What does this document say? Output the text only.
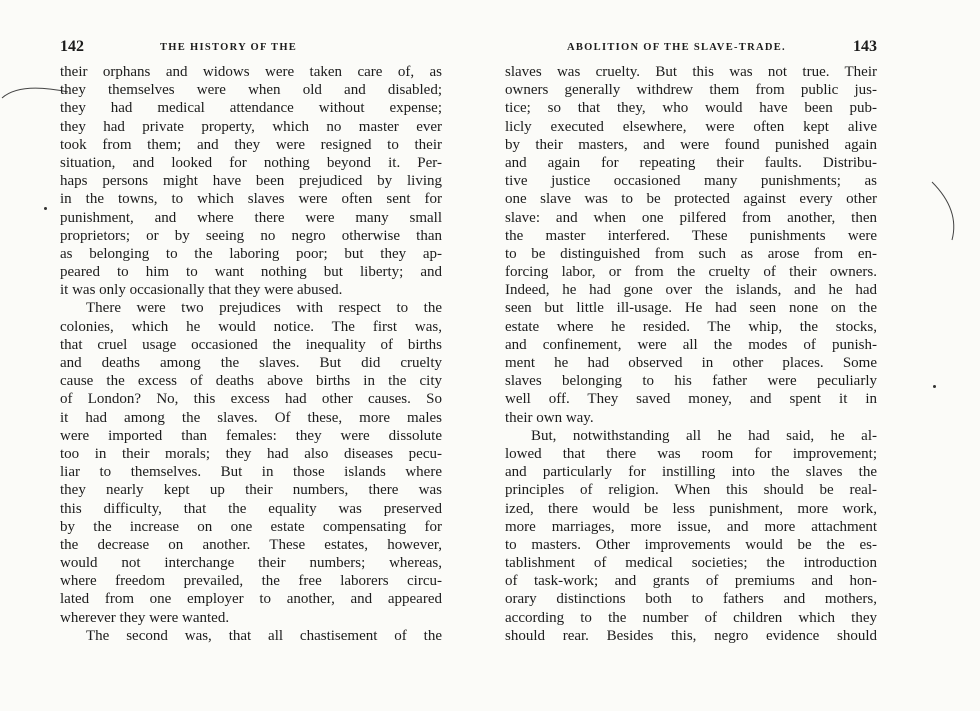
142	THE HISTORY OF THE
their orphans and widows were taken care of, as
they themselves were when old and disabled;
they had medical attendance without expense;
they had private property, which no master ever
took from them; and they were resigned to their
situation, and looked for nothing beyond it. Per-
haps persons might have been prejudiced by living
in the towns, to which slaves were often sent for
punishment, and where there were many small
proprietors; or by seeing no negro otherwise than
as belonging to the laboring poor; but they ap-
peared to him to want nothing but liberty; and
it was only occasionally that they were abused.
There were two prejudices with respect to the
colonies, which he would notice. The first was,
that cruel usage occasioned the inequality of births
and deaths among the slaves. But did cruelty
cause the excess of deaths above births in the city
of London? No, this excess had other causes. So
it had among the slaves. Of these, more males
were imported than females: they were dissolute
too in their morals; they had also diseases pecu-
liar to themselves. But in those islands where
they nearly kept up their numbers, there was
this difficulty, that the equality was preserved
by the increase on one estate compensating for
the decrease on another. These estates, however,
would not interchange their numbers; whereas,
where freedom prevailed, the free laborers circu-
lated from one employer to another, and appeared
wherever they were wanted.
The second was, that all chastisement of the
ABOLITION OF THE SLAVE-TRADE.	143
slaves was cruelty. But this was not true. Their
owners generally withdrew them from public jus-
tice; so that they, who would have been pub-
licly executed elsewhere, were often kept alive
by their masters, and were found punished again
and again for repeating their faults. Distribu-
tive justice occasioned many punishments; as
one slave was to be protected against every other
slave: and when one pilfered from another, then
the master interfered. These punishments were
to be distinguished from such as arose from en-
forcing labor, or from the cruelty of their owners.
Indeed, he had gone over the islands, and he had
seen but little ill-usage. He had seen none on the
estate where he resided. The whip, the stocks,
and confinement, were all the modes of punish-
ment he had observed in other places. Some
slaves belonging to his father were peculiarly
well off. They saved money, and spent it in
their own way.
But, notwithstanding all he had said, he al-
lowed that there was room for improvement;
and particularly for instilling into the slaves the
principles of religion. When this should be real-
ized, there would be less punishment, more work,
more marriages, more issue, and more attachment
to masters. Other improvements would be the es-
tablishment of medical societies; the introduction
of task-work; and grants of premiums and hon-
orary distinctions both to fathers and mothers,
according to the number of children which they
should rear. Besides this, negro evidence should
